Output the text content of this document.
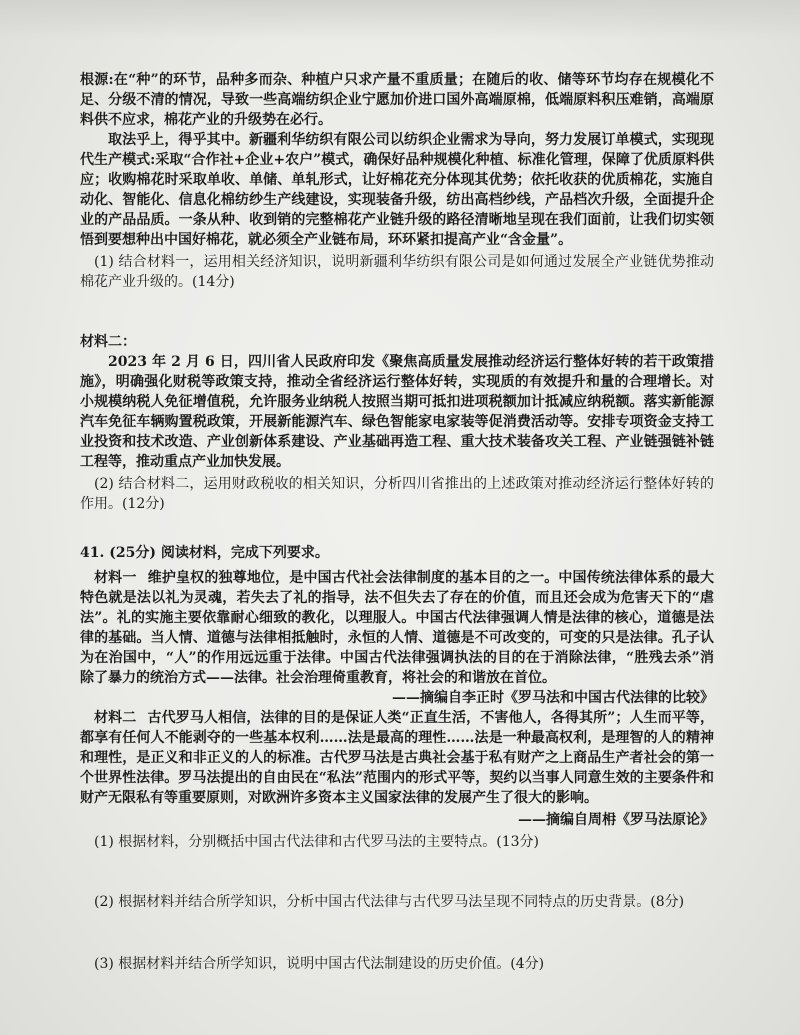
根源:在“种”的环节，品种多而杂、种植户只求产量不重质量；在随后的收、储等环节均存在规模化不足、分级不清的情况，导致一些高端纺织企业宁愿加价进口国外高端原棉，低端原料积压难销，高端原料供不应求，棉花产业的升级势在必行。

取法乎上，得乎其中。新疆利华纺织有限公司以纺织企业需求为导向，努力发展订单模式，实现现代生产模式:采取“合作社+企业+农户”模式，确保好品种规模化种植、标准化管理，保障了优质原料供应；收购棉花时采取单收、单储、单轧形式，让好棉花充分体现其优势；依托收获的优质棉花，实施自动化、智能化、信息化棉纺纱生产线建设，实现装备升级，纺出高档纱线，产品档次升级，全面提升企业的产品品质。一条从种、收到销的完整棉花产业链升级的路径清晰地呈现在我们面前，让我们切实领悟到要想种出中国好棉花，就必须全产业链布局，环环紧扣提高产业“含金量”。

(1) 结合材料一，运用相关经济知识，说明新疆利华纺织有限公司是如何通过发展全产业链优势推动棉花产业升级的。(14分)

材料二：

2023 年 2 月 6 日，四川省人民政府印发《聚焦高质量发展推动经济运行整体好转的若干政策措施》，明确强化财税等政策支持，推动全省经济运行整体好转，实现质的有效提升和量的合理增长。对小规模纳税人免征增值税，允许服务业纳税人按照当期可抵扣进项税额加计抵减应纳税额。落实新能源汽车免征车辆购置税政策，开展新能源汽车、绿色智能家电家装等促消费活动等。安排专项资金支持工业投资和技术改造、产业创新体系建设、产业基础再造工程、重大技术装备攻关工程、产业链强链补链工程等，推动重点产业加快发展。

(2) 结合材料二，运用财政税收的相关知识，分析四川省推出的上述政策对推动经济运行整体好转的作用。(12分)

41. (25分) 阅读材料，完成下列要求。

材料一 维护皇权的独尊地位，是中国古代社会法律制度的基本目的之一。中国传统法律体系的最大特色就是法以礼为灵魂，若失去了礼的指导，法不但失去了存在的价值，而且还会成为危害天下的“虐法”。礼的实施主要依靠耐心细致的教化，以理服人。中国古代法律强调人情是法律的核心，道德是法律的基础。当人情、道德与法律相抵触时，永恒的人情、道德是不可改变的，可变的只是法律。孔子认为在治国中，“人”的作用远远重于法律。中国古代法律强调执法的目的在于消除法律，“胜残去杀”消除了暴力的统治方式——法律。社会治理倚重教育，将社会的和谐放在首位。

——摘编自李正时《罗马法和中国古代法律的比较》

材料二 古代罗马人相信，法律的目的是保证人类“正直生活，不害他人，各得其所”；人生而平等，都享有任何人不能剥夺的一些基本权利……法是最高的理性……法是一种最高权利，是理智的人的精神和理性，是正义和非正义的人的标准。古代罗马法是古典社会基于私有财产之上商品生产者社会的第一个世界性法律。罗马法提出的自由民在“私法”范围内的形式平等，契约以当事人同意生效的主要条件和财产无限私有等重要原则，对欧洲许多资本主义国家法律的发展产生了很大的影响。

——摘编自周枏《罗马法原论》

(1) 根据材料，分别概括中国古代法律和古代罗马法的主要特点。(13分)

(2) 根据材料并结合所学知识，分析中国古代法律与古代罗马法呈现不同特点的历史背景。(8分)

(3) 根据材料并结合所学知识，说明中国古代法制建设的历史价值。(4分)
